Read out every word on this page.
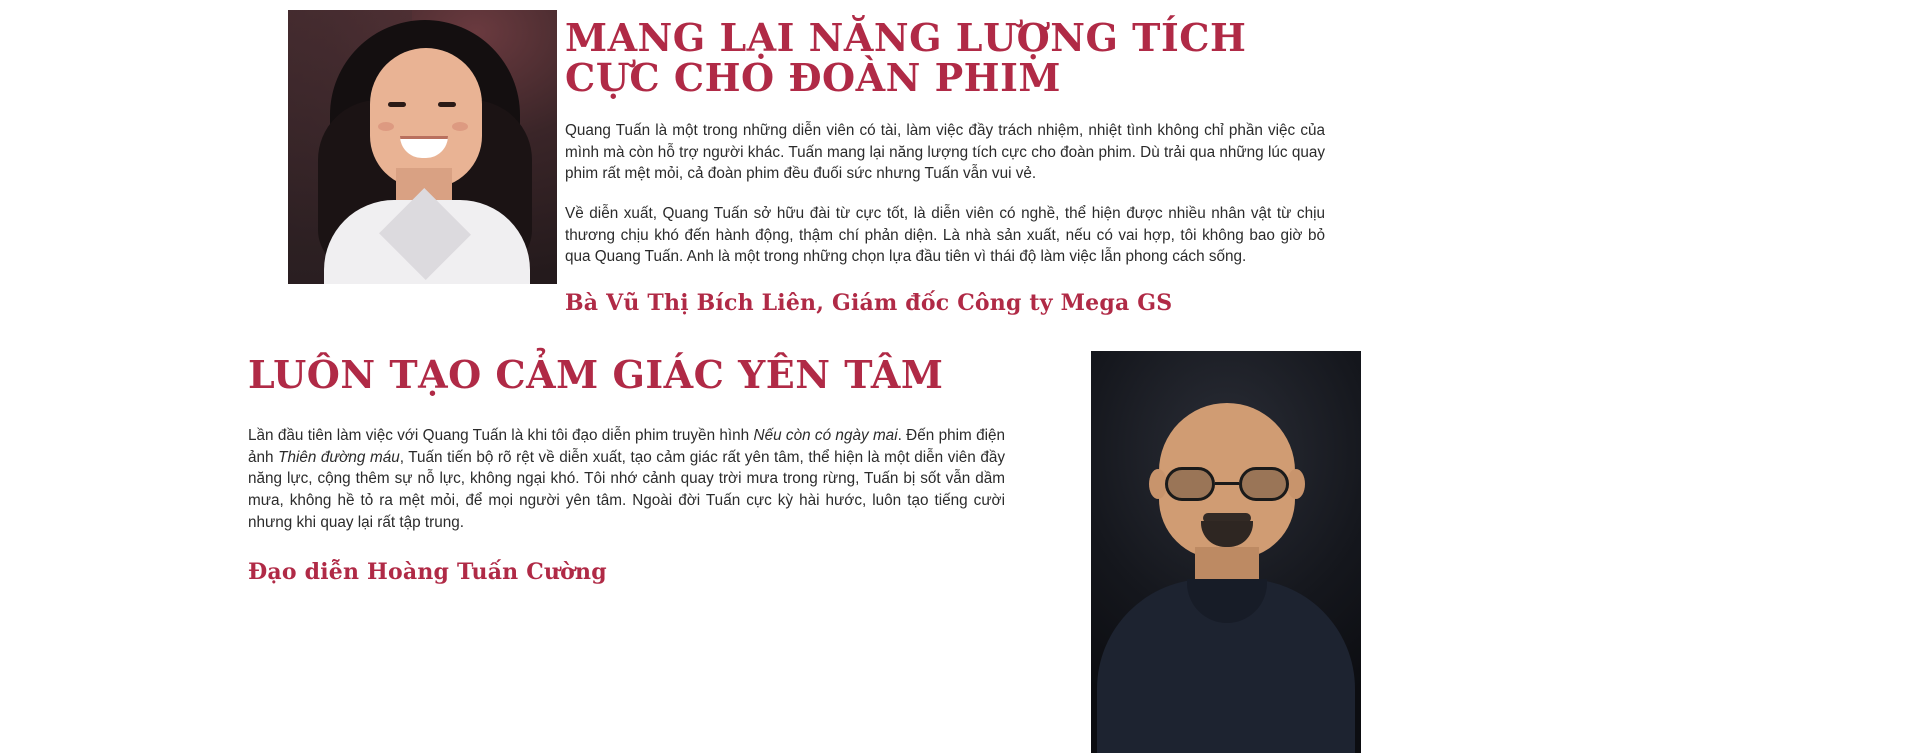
MANG LẠI NĂNG LƯỢNG TÍCH CỰC CHO ĐOÀN PHIM

Quang Tuấn là một trong những diễn viên có tài, làm việc đầy trách nhiệm, nhiệt tình không chỉ phần việc của mình mà còn hỗ trợ người khác. Tuấn mang lại năng lượng tích cực cho đoàn phim. Dù trải qua những lúc quay phim rất mệt mỏi, cả đoàn phim đều đuối sức nhưng Tuấn vẫn vui vẻ.

Về diễn xuất, Quang Tuấn sở hữu đài từ cực tốt, là diễn viên có nghề, thể hiện được nhiều nhân vật từ chịu thương chịu khó đến hành động, thậm chí phản diện. Là nhà sản xuất, nếu có vai hợp, tôi không bao giờ bỏ qua Quang Tuấn. Anh là một trong những chọn lựa đầu tiên vì thái độ làm việc lẫn phong cách sống.

Bà Vũ Thị Bích Liên, Giám đốc Công ty Mega GS
LUÔN TẠO CẢM GIÁC YÊN TÂM

Lần đầu tiên làm việc với Quang Tuấn là khi tôi đạo diễn phim truyền hình Nếu còn có ngày mai. Đến phim điện ảnh Thiên đường máu, Tuấn tiến bộ rõ rệt về diễn xuất, tạo cảm giác rất yên tâm, thể hiện là một diễn viên đầy năng lực, cộng thêm sự nỗ lực, không ngại khó. Tôi nhớ cảnh quay trời mưa trong rừng, Tuấn bị sốt vẫn dầm mưa, không hề tỏ ra mệt mỏi, để mọi người yên tâm. Ngoài đời Tuấn cực kỳ hài hước, luôn tạo tiếng cười nhưng khi quay lại rất tập trung.

Đạo diễn Hoàng Tuấn Cường
